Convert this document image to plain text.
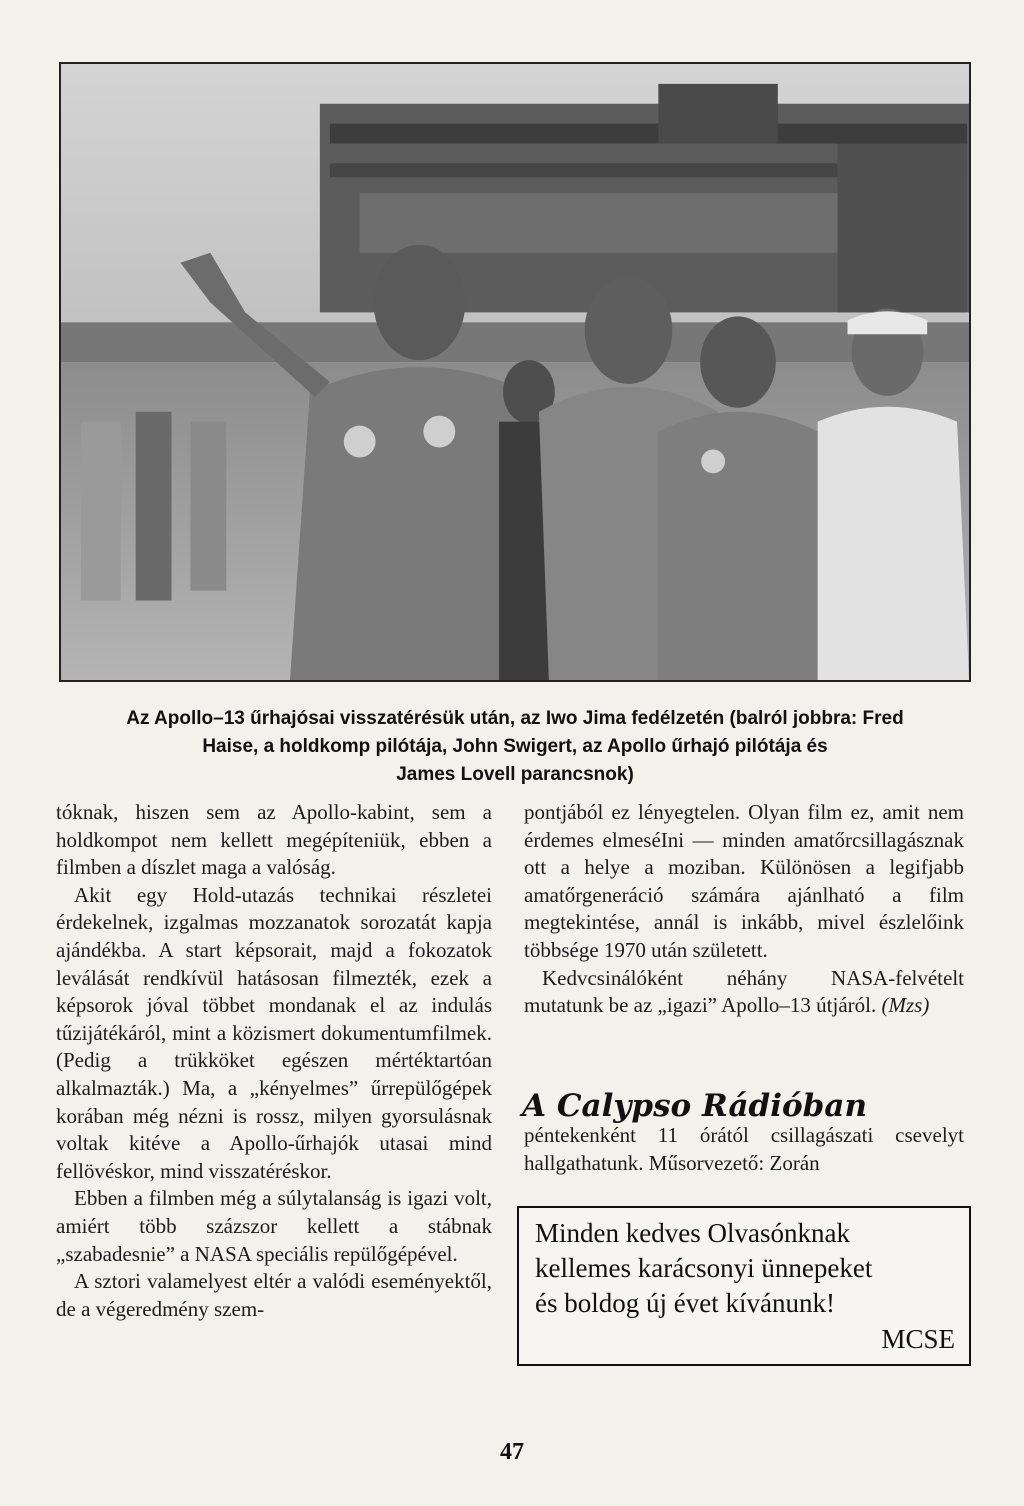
Az Apollo–13 űrhajósai visszatérésük után, az Iwo Jima fedélzetén (balról jobbra: Fred
Haise, a holdkomp pilótája, John Swigert, az Apollo űrhajó pilótája és
James Lovell parancsnok)

tóknak, hiszen sem az Apollo-kabint, sem a holdkompot nem kellett megépíteniük, ebben a filmben a díszlet maga a valóság.

Akit egy Hold-utazás technikai részletei érdekelnek, izgalmas mozzanatok sorozatát kapja ajándékba. A start képsorait, majd a fokozatok leválását rendkívül hatásosan filmezték, ezek a képsorok jóval többet mondanak el az indulás tűzijátékáról, mint a közismert dokumentumfilmek. (Pedig a trükköket egészen mértéktartóan alkalmazták.) Ma, a „kényelmes” űrrepülőgépek korában még nézni is rossz, milyen gyorsulásnak voltak kitéve a Apollo-űrhajók utasai mind fellövéskor, mind visszatéréskor.

Ebben a filmben még a súlytalanság is igazi volt, amiért több százszor kellett a stábnak „szabadesnie” a NASA speciális repülőgépével.

A sztori valamelyest eltér a valódi eseményektől, de a végeredmény szem-

pontjából ez lényegtelen. Olyan film ez, amit nem érdemes elmeséIni — minden amatőrcsillagásznak ott a helye a moziban. Különösen a legifjabb amatőrgeneráció számára ajánlható a film megtekintése, annál is inkább, mivel észlelőink többsége 1970 után született.

Kedvcsinálóként néhány NASA-felvételt mutatunk be az „igazi” Apollo–13 útjáról. (Mzs)

A Calypso Rádióban

péntekenként 11 órától csillagászati csevelyt hallgathatunk. Műsorvezető: Zorán

Minden kedves Olvasónknak
kellemes karácsonyi ünnepeket
és boldog új évet kívánunk!
MCSE
47
